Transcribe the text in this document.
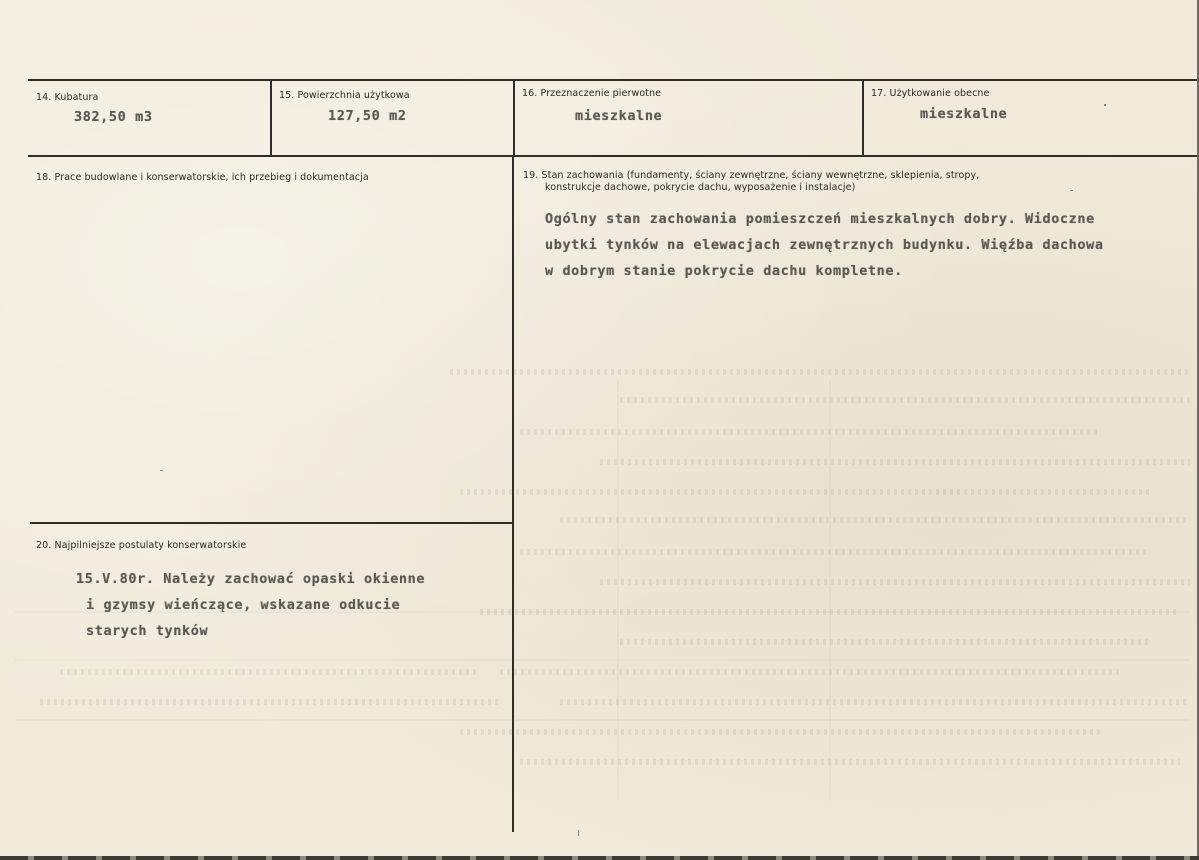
14. Kubatura
382,50 m3
15. Powierzchnia użytkowa
127,50 m2
16. Przeznaczenie pierwotne
mieszkalne
17. Użytkowanie obecne
mieszkalne
18. Prace budowlane i konserwatorskie, ich przebieg i dokumentacja	19. Stan zachowania (fundamenty, ściany zewnętrzne, ściany wewnętrzne, sklepienia, stropy,
konstrukcje dachowe, pokrycie dachu, wyposażenie i instalacje)
Ogólny stan zachowania pomieszczeń mieszkalnych dobry. Widoczne
ubytki tynków na elewacjach zewnętrznych budynku. Więźba dachowa
w dobrym stanie pokrycie dachu kompletne.
20. Najpilniejsze postulaty konserwatorskie
15.V.80r. Należy zachować opaski okienne
i gzymsy wieńczące, wskazane odkucie
starych tynków
